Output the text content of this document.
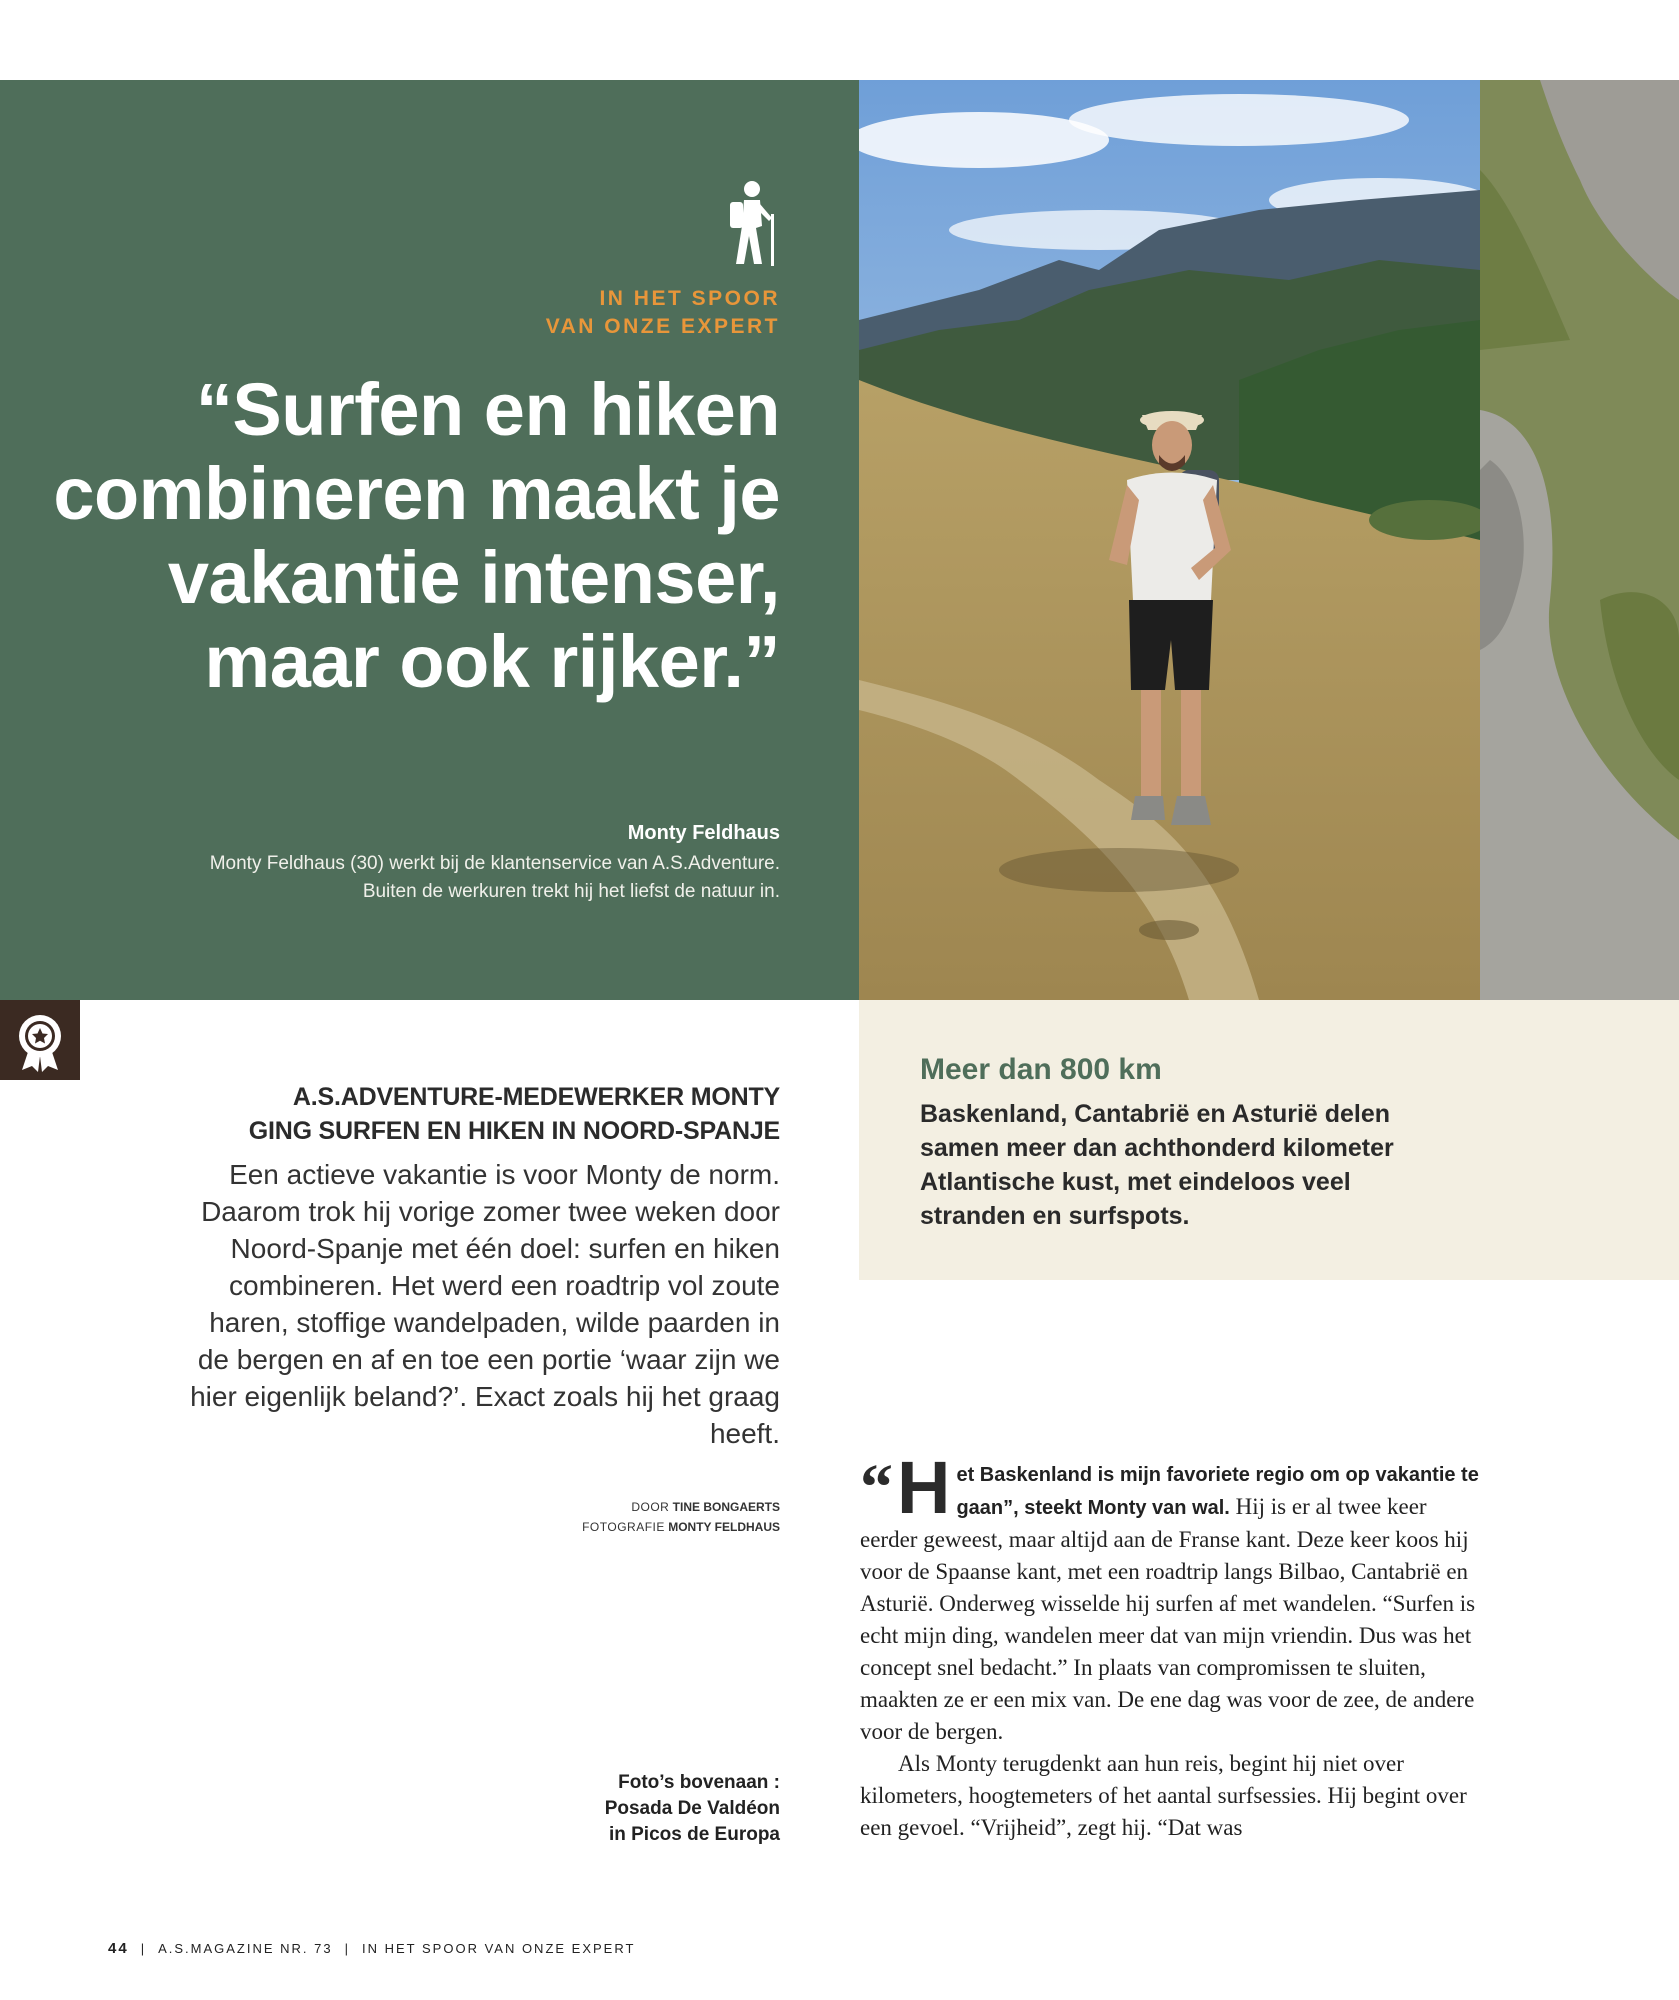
IN HET SPOOR
VAN ONZE EXPERT
“Surfen en hiken combineren maakt je vakantie intenser, maar ook rijker.”
Monty Feldhaus
Monty Feldhaus (30) werkt bij de klantenservice van A.S.Adventure.
Buiten de werkuren trekt hij het liefst de natuur in.
Meer dan 800 km
Baskenland, Cantabrië en Asturië delen samen meer dan achthonderd kilometer Atlantische kust, met eindeloos veel stranden en surfspots.
A.S.ADVENTURE-MEDEWERKER MONTY
GING SURFEN EN HIKEN IN NOORD-SPANJE
Een actieve vakantie is voor Monty de norm. Daarom trok hij vorige zomer twee weken door Noord-Spanje met één doel: surfen en hiken combineren. Het werd een roadtrip vol zoute haren, stoffige wandelpaden, wilde paarden in de bergen en af en toe een portie ‘waar zijn we hier eigenlijk beland?’. Exact zoals hij het graag heeft.
DOOR TINE BONGAERTS
FOTOGRAFIE MONTY FELDHAUS
Foto’s bovenaan :
Posada De Valdéon
in Picos de Europa

“ H et Baskenland is mijn favoriete regio om op vakantie te gaan”, steekt Monty van wal. Hij is er al twee keer eerder geweest, maar altijd aan de Franse kant. Deze keer koos hij voor de Spaanse kant, met een roadtrip langs Bilbao, Cantabrië en Asturië. Onderweg wisselde hij surfen af met wandelen. “Surfen is echt mijn ding, wandelen meer dat van mijn vriendin. Dus was het concept snel bedacht.” In plaats van compromissen te sluiten, maakten ze er een mix van. De ene dag was voor de zee, de andere voor de bergen.

Als Monty terugdenkt aan hun reis, begint hij niet over kilometers, hoogtemeters of het aantal surfsessies. Hij begint over een gevoel. “Vrijheid”, zegt hij. “Dat was

44 | A.S.MAGAZINE NR. 73 | IN HET SPOOR VAN ONZE EXPERT
